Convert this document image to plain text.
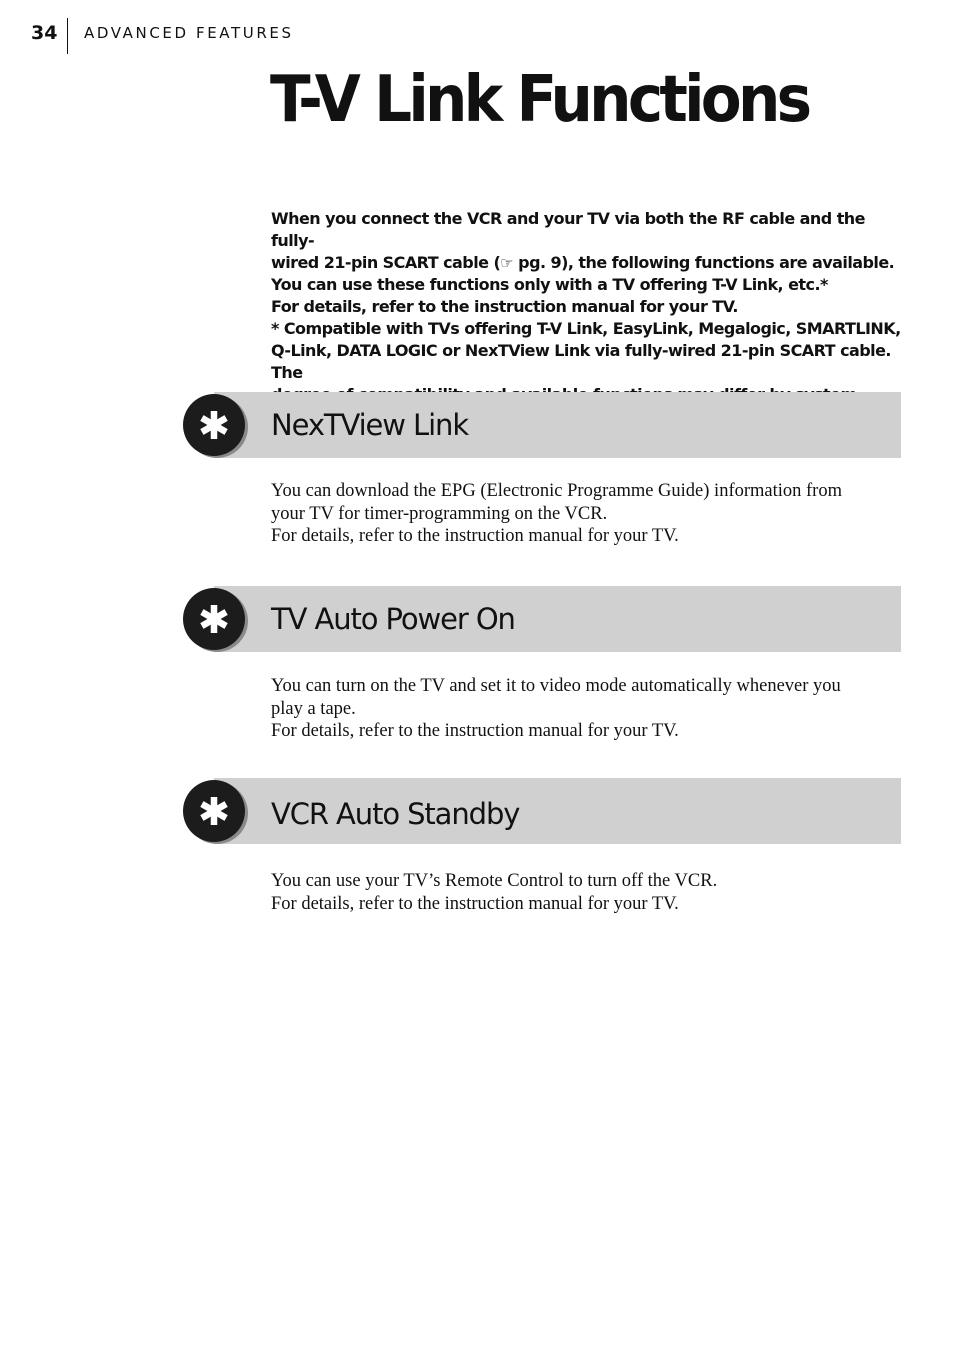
34	ADVANCED FEATURES
T-V Link Functions

When you connect the VCR and your TV via both the RF cable and the fully-

wired 21-pin SCART cable (☞ pg. 9), the following functions are available.

You can use these functions only with a TV offering T-V Link, etc.*

For details, refer to the instruction manual for your TV.

* Compatible with TVs offering T-V Link, EasyLink, Megalogic, SMARTLINK,

Q-Link, DATA LOGIC or NexTView Link via fully-wired 21-pin SCART cable. The

NexTView Link

You can download the EPG (Electronic Programme Guide) information from

your TV for timer-programming on the VCR.

For details, refer to the instruction manual for your TV.

TV Auto Power On

You can turn on the TV and set it to video mode automatically whenever you

play a tape.

For details, refer to the instruction manual for your TV.

VCR Auto Standby

You can use your TV’s Remote Control to turn off the VCR.

For details, refer to the instruction manual for your TV.
